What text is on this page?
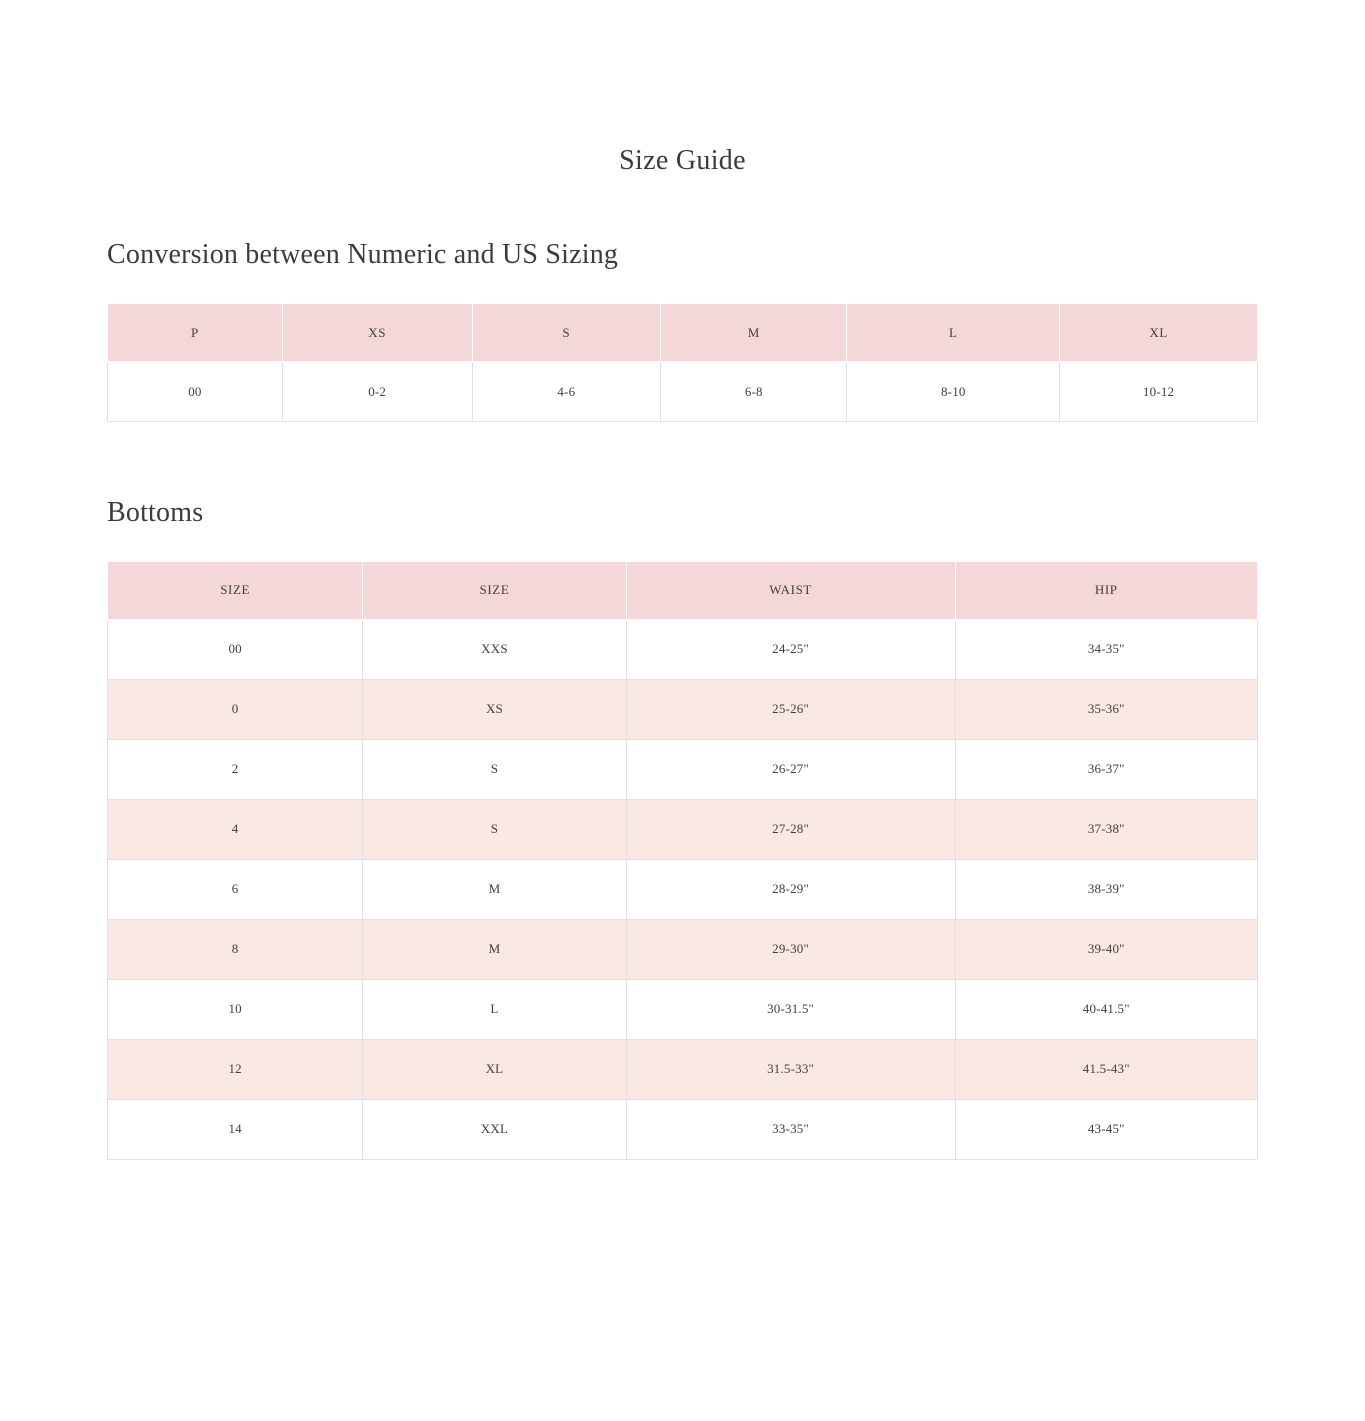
Size Guide
Conversion between Numeric and US Sizing
P	XS	S	M	L	XL
00	0-2	4-6	6-8	8-10	10-12
Bottoms
SIZE	SIZE	WAIST	HIP
00	XXS	24-25"	34-35"
0	XS	25-26"	35-36"
2	S	26-27"	36-37"
4	S	27-28"	37-38"
6	M	28-29"	38-39"
8	M	29-30"	39-40"
10	L	30-31.5"	40-41.5"
12	XL	31.5-33"	41.5-43"
14	XXL	33-35"	43-45"
